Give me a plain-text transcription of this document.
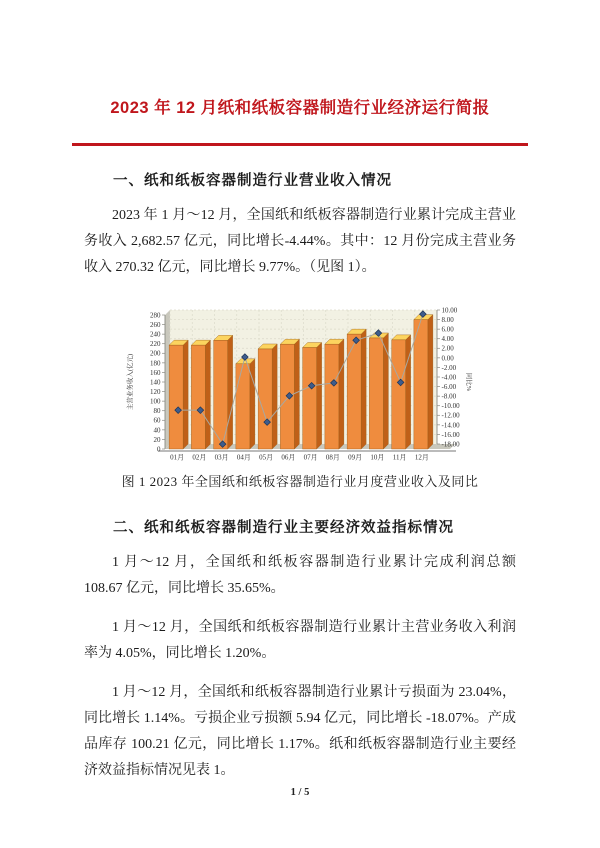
2023 年 12 月纸和纸板容器制造行业经济运行简报
一、纸和纸板容器制造行业营业收入情况

2023 年 1 月～12 月，全国纸和纸板容器制造行业累计完成主营业务收入 2,682.57 亿元，同比增长-4.44%。其中：12 月份完成主营业务收入 270.32 亿元，同比增长 9.77%。（见图 1）。

0
20
40
60
80
100
120
140
160
180
200
220
240
260
280
-18.00
-16.00
-14.00
-12.00
-10.00
-8.00
-6.00
-4.00
-2.00
0.00
2.00
4.00
6.00
8.00
10.00
01月 02月 03月 04月 05月 06月 07月 08月 09月 10月 11月 12月
主营业务收入(亿元)	同比%
图 1 2023 年全国纸和纸板容器制造行业月度营业收入及同比
二、纸和纸板容器制造行业主要经济效益指标情况

1 月～12 月，全国纸和纸板容器制造行业累计完成利润总额 108.67 亿元，同比增长 35.65%。

1 月～12 月，全国纸和纸板容器制造行业累计主营业务收入利润率为 4.05%，同比增长 1.20%。

1 月～12 月，全国纸和纸板容器制造行业累计亏损面为 23.04%，同比增长 1.14%。亏损企业亏损额 5.94 亿元，同比增长 -18.07%。产成品库存 100.21 亿元，同比增长 1.17%。纸和纸板容器制造行业主要经济效益指标情况见表 1。

1 / 5
